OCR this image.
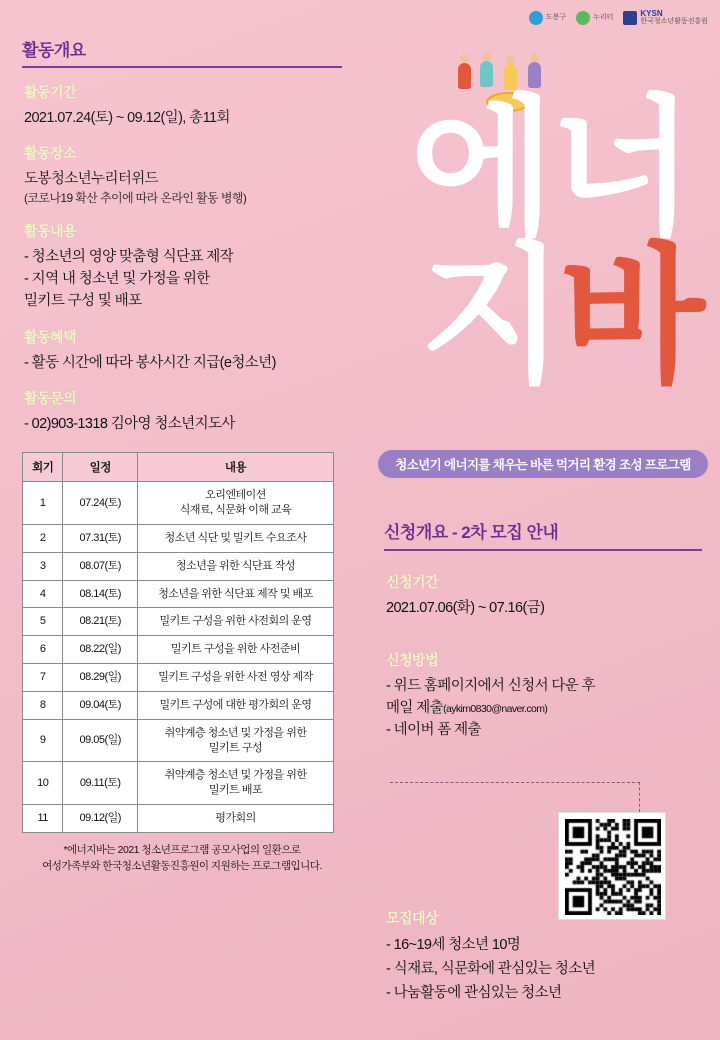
도봉구	누리터	KYSN
한국청소년활동진흥원
활동개요
활동기간
2021.07.24(토) ~ 09.12(일), 총11회
활동장소
도봉청소년누리터위드
(코로나19 확산 추이에 따라 온라인 활동 병행)
활동내용
- 청소년의 영양 맞춤형 식단표 제작
- 지역 내 청소년 및 가정을 위한
밀키트 구성 및 배포
활동혜택
- 활동 시간에 따라 봉사시간 지급(e청소년)
활동문의
- 02)903-1318 김아영 청소년지도사
회기	일정	내용
1	07.24(토)	오리엔테이션
식재료, 식문화 이해 교육
2	07.31(토)	청소년 식단 및 밀키트 수요조사
3	08.07(토)	청소년을 위한 식단표 작성
4	08.14(토)	청소년을 위한 식단표 제작 및 배포
5	08.21(토)	밀키트 구성을 위한 사전회의 운영
6	08.22(일)	밀키트 구성을 위한 사전준비
7	08.29(일)	밀키트 구성을 위한 사전 영상 제작
8	09.04(토)	밀키트 구성에 대한 평가회의 운영
9	09.05(일)	취약계층 청소년 및 가정을 위한
밀키트 구성
10	09.11(토)	취약계층 청소년 및 가정을 위한
밀키트 배포
11	09.12(일)	평가회의
*에너지바는 2021 청소년프로그램 공모사업의 일환으로
여성가족부와 한국청소년활동진흥원이 지원하는 프로그램입니다.
에 너
지 바
청소년기 에너지를 채우는 바른 먹거리 환경 조성 프로그램
신청개요 - 2차 모집 안내
신청기간
2021.07.06(화) ~ 07.16(금)
신청방법
- 위드 홈페이지에서 신청서 다운 후
메일 제출(aykim0830@naver.com)
- 네이버 폼 제출
모집대상
- 16~19세 청소년 10명
- 식재료, 식문화에 관심있는 청소년
- 나눔활동에 관심있는 청소년
